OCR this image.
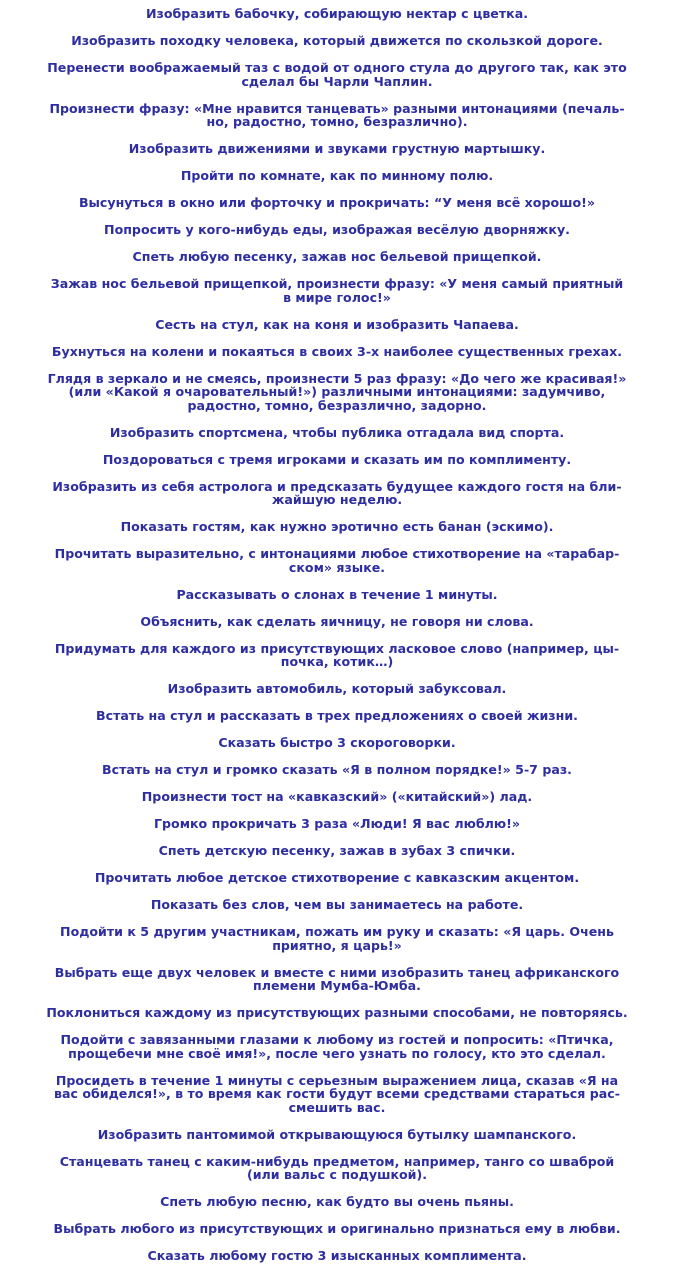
Изобразить бабочку, собирающую нектар с цветка.
Изобразить походку человека, который движется по скользкой дороге.
Перенести воображаемый таз с водой от одного стула до другого так, как это
сделал бы Чарли Чаплин.
Произнести фразу: «Мне нравится танцевать» разными интонациями (печаль-
но, радостно, томно, безразлично).
Изобразить движениями и звуками грустную мартышку.
Пройти по комнате, как по минному полю.
Высунуться в окно или форточку и прокричать: “У меня всё хорошо!»
Попросить у кого-нибудь еды, изображая весёлую дворняжку.
Спеть любую песенку, зажав нос бельевой прищепкой.
Зажав нос бельевой прищепкой, произнести фразу: «У меня самый приятный
в мире голос!»
Сесть на стул, как на коня и изобразить Чапаева.
Бухнуться на колени и покаяться в своих 3-х наиболее существенных грехах.
Глядя в зеркало и не смеясь, произнести 5 раз фразу: «До чего же красивая!»
(или «Какой я очаровательный!») различными интонациями: задумчиво,
радостно, томно, безразлично, задорно.
Изобразить спортсмена, чтобы публика отгадала вид спорта.
Поздороваться с тремя игроками и сказать им по комплименту.
Изобразить из себя астролога и предсказать будущее каждого гостя на бли-
жайшую неделю.
Показать гостям, как нужно эротично есть банан (эскимо).
Прочитать выразительно, с интонациями любое стихотворение на «тарабар-
ском» языке.
Рассказывать о слонах в течение 1 минуты.
Объяснить, как сделать яичницу, не говоря ни слова.
Придумать для каждого из присутствующих ласковое слово (например, цы-
почка, котик…)
Изобразить автомобиль, который забуксовал.
Встать на стул и рассказать в трех предложениях о своей жизни.
Сказать быстро 3 скороговорки.
Встать на стул и громко сказать «Я в полном порядке!» 5-7 раз.
Произнести тост на «кавказский» («китайский») лад.
Громко прокричать 3 раза «Люди! Я вас люблю!»
Спеть детскую песенку, зажав в зубах 3 спички.
Прочитать любое детское стихотворение с кавказским акцентом.
Показать без слов, чем вы занимаетесь на работе.
Подойти к 5 другим участникам, пожать им руку и сказать: «Я царь. Очень
приятно, я царь!»
Выбрать еще двух человек и вместе с ними изобразить танец африканского
племени Мумба-Юмба.
Поклониться каждому из присутствующих разными способами, не повторяясь.
Подойти с завязанными глазами к любому из гостей и попросить: «Птичка,
прощебечи мне своё имя!», после чего узнать по голосу, кто это сделал.
Просидеть в течение 1 минуты с серьезным выражением лица, сказав «Я на
вас обиделся!», в то время как гости будут всеми средствами стараться рас-
смешить вас.
Изобразить пантомимой открывающуюся бутылку шампанского.
Станцевать танец с каким-нибудь предметом, например, танго со шваброй
(или вальс с подушкой).
Спеть любую песню, как будто вы очень пьяны.
Выбрать любого из присутствующих и оригинально признаться ему в любви.
Сказать любому гостю 3 изысканных комплимента.
